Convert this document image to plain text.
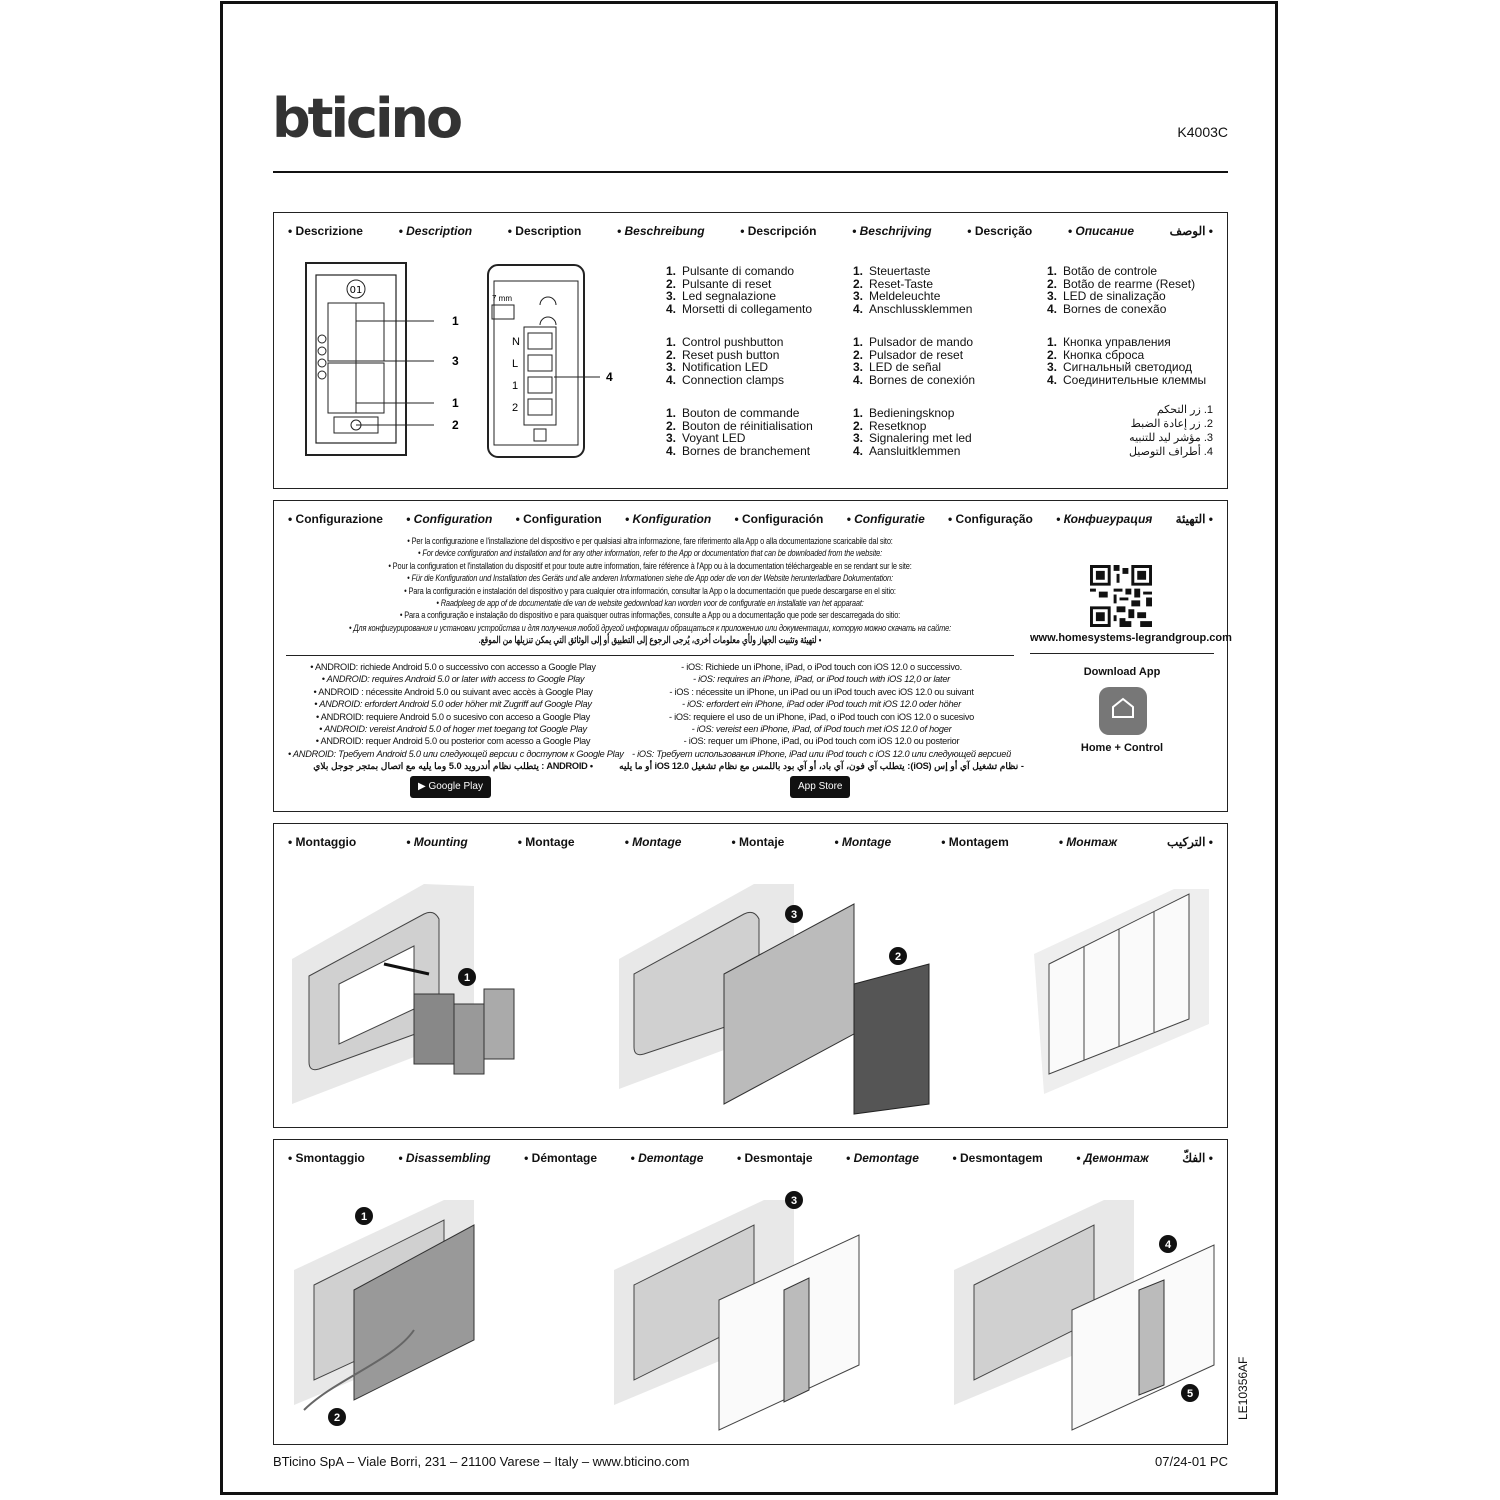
bticino	K4003C
• Descrizione	• Description	• Description	• Beschreibung	• Descripción	• Beschrijving	• Descrição	• Описание	• الوصف
01
1
3
1
2
7 mm
N
L
1
2
4
1. Pulsante di comando
2. Pulsante di reset
3. Led segnalazione
4. Morsetti di collegamento
1. Control pushbutton
2. Reset push button
3. Notification LED
4. Connection clamps
1. Bouton de commande
2. Bouton de réinitialisation
3. Voyant LED
4. Bornes de branchement
1. Steuertaste
2. Reset-Taste
3. Meldeleuchte
4. Anschlussklemmen
1. Pulsador de mando
2. Pulsador de reset
3. LED de señal
4. Bornes de conexión
1. Bedieningsknop
2. Resetknop
3. Signalering met led
4. Aansluitklemmen
1. Botão de controle
2. Botão de rearme (Reset)
3. LED de sinalização
4. Bornes de conexão
1. Кнопка управления
2. Кнопка сброса
3. Сигнальный светодиод
4. Соединительные клеммы
1. زر التحكم
2. زر إعادة الضبط
3. مؤشر ليد للتنبيه
4. أطراف التوصيل
• Configurazione • Configuration • Configuration • Konfiguration • Configuración • Configuratie • Configuração • Конфигурация • التهيئة
• Per la configurazione e l'installazione del dispositivo e per qualsiasi altra informazione, fare riferimento alla App o alla documentazione scaricabile dal sito:
• For device configuration and installation and for any other information, refer to the App or documentation that can be downloaded from the website:
• Pour la configuration et l'installation du dispositif et pour toute autre information, faire référence à l'App ou à la documentation téléchargeable en se rendant sur le site:
• Für die Konfiguration und Installation des Geräts und alle anderen Informationen siehe die App oder die von der Website herunterladbare Dokumentation:
• Para la configuración e instalación del dispositivo y para cualquier otra información, consultar la App o la documentación que puede descargarse en el sitio:
• Raadpleeg de app of de documentatie die van de website gedownload kan worden voor de configuratie en installatie van het apparaat:
• Para a configuração e instalação do dispositivo e para quaisquer outras informações, consulte a App ou a documentação que pode ser descarregada do sitio:
• Для конфигурирования и установки устройства и для получения любой другой информации обращаться к приложению или документации, которую можно скачать на сайте:
• لتهيئة وتثبيت الجهاز ولأي معلومات أخرى، يُرجى الرجوع إلى التطبيق أو إلى الوثائق التي يمكن تنزيلها من الموقع.	www.homesystems-legrandgroup.com
Download App
Home + Control
• ANDROID: richiede Android 5.0 o successivo con accesso a Google Play
• ANDROID: requires Android 5.0 or later with access to Google Play
• ANDROID : nécessite Android 5.0 ou suivant avec accès à Google Play
• ANDROID: erfordert Android 5.0 oder höher mit Zugriff auf Google Play
• ANDROID: requiere Android 5.0 o sucesivo con acceso a Google Play
• ANDROID: vereist Android 5.0 of hoger met toegang tot Google Play
• ANDROID: requer Android 5.0 ou posterior com acesso a Google Play
• ANDROID: Требует Android 5.0 или следующей версии с доступом к Google Play
• ANDROID : يتطلب نظام أندرويد 5.0 وما يليه مع اتصال بمتجر جوجل بلاي
- iOS: Richiede un iPhone, iPad, o iPod touch con iOS 12.0 o successivo.
- iOS: requires an iPhone, iPad, or iPod touch with iOS 12,0 or later
- iOS : nécessite un iPhone, un iPad ou un iPod touch avec iOS 12.0 ou suivant
- iOS: erfordert ein iPhone, iPad oder iPod touch mit iOS 12.0 oder höher
- iOS: requiere el uso de un iPhone, iPad, o iPod touch con iOS 12.0 o sucesivo
- iOS: vereist een iPhone, iPad, of iPod touch met iOS 12.0 of hoger
- iOS: requer um iPhone, iPad, ou iPod touch com iOS 12.0 ou posterior
- iOS: Требует использования iPhone, iPad или iPod touch с iOS 12.0 или следующей версией
- نظام تشغيل آي أو إس (iOS): يتطلب آي فون، آي باد، أو آي بود باللمس مع نظام تشغيل iOS 12.0 أو ما يليه
▶ Google Play	App Store
• Montaggio	• Mounting	• Montage	• Montage	• Montaje	• Montage	• Montagem	• Монтаж	• التركيب
1
3
2
• Smontaggio	• Disassembling	• Démontage	• Demontage	• Desmontaje	• Demontage	• Desmontagem	• Демонтаж	• الفكّ
1
2
3
4
5	LE10356AF
BTicino SpA – Viale Borri, 231 – 21100 Varese – Italy – www.bticino.com	07/24-01 PC
